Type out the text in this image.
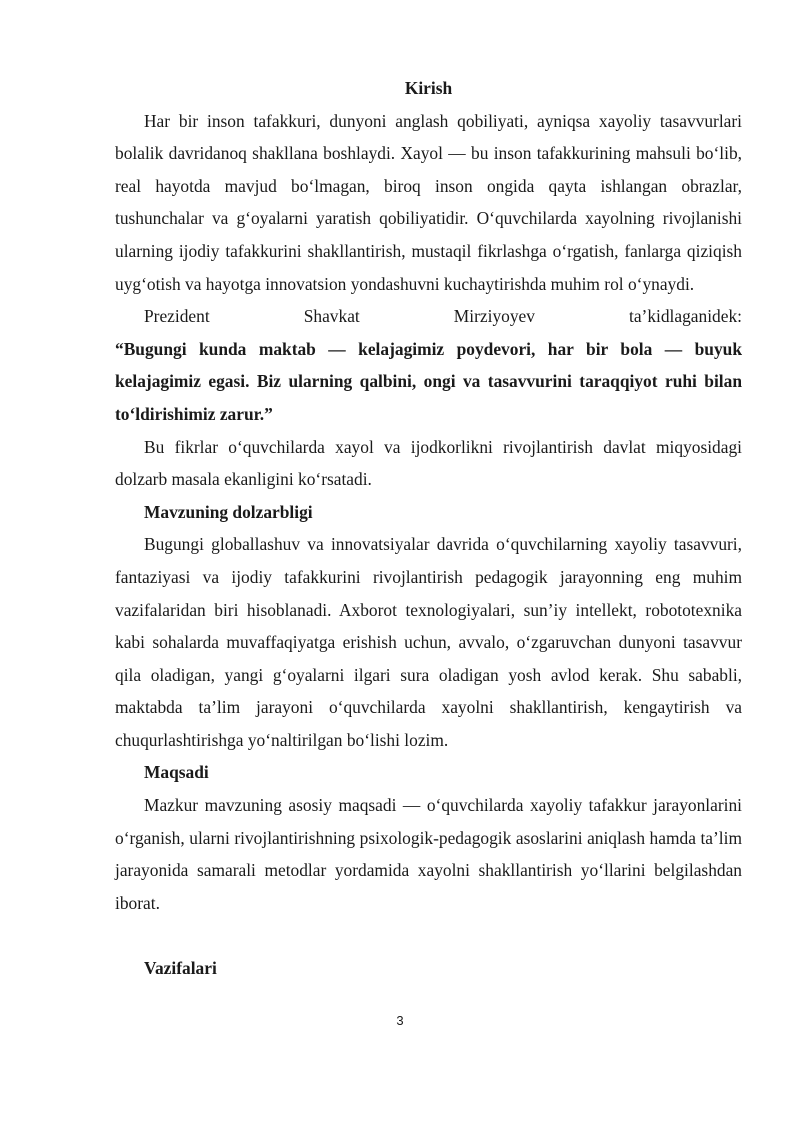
Kirish

Har bir inson tafakkuri, dunyoni anglash qobiliyati, ayniqsa xayoliy tasavvurlari bolalik davridanoq shakllana boshlaydi. Xayol — bu inson tafakkurining mahsuli bo‘lib, real hayotda mavjud bo‘lmagan, biroq inson ongida qayta ishlangan obrazlar, tushunchalar va g‘oyalarni yaratish qobiliyatidir. O‘quvchilarda xayolning rivojlanishi ularning ijodiy tafakkurini shakllantirish, mustaqil fikrlashga o‘rgatish, fanlarga qiziqish uyg‘otish va hayotga innovatsion yondashuvni kuchaytirishda muhim rol o‘ynaydi.

Prezident Shavkat Mirziyoyev ta’kidlaganidek:
“Bugungi kunda maktab — kelajagimiz poydevori, har bir bola — buyuk kelajagimiz egasi. Biz ularning qalbini, ongi va tasavvurini taraqqiyot ruhi bilan to‘ldirishimiz zarur.”

Bu fikrlar o‘quvchilarda xayol va ijodkorlikni rivojlantirish davlat miqyosidagi dolzarb masala ekanligini ko‘rsatadi.

Mavzuning dolzarbligi

Bugungi globallashuv va innovatsiyalar davrida o‘quvchilarning xayoliy tasavvuri, fantaziyasi va ijodiy tafakkurini rivojlantirish pedagogik jarayonning eng muhim vazifalaridan biri hisoblanadi. Axborot texnologiyalari, sun’iy intellekt, robototexnika kabi sohalarda muvaffaqiyatga erishish uchun, avvalo, o‘zgaruvchan dunyoni tasavvur qila oladigan, yangi g‘oyalarni ilgari sura oladigan yosh avlod kerak. Shu sababli, maktabda ta’lim jarayoni o‘quvchilarda xayolni shakllantirish, kengaytirish va chuqurlashtirishga yo‘naltirilgan bo‘lishi lozim.

Maqsadi

Mazkur mavzuning asosiy maqsadi — o‘quvchilarda xayoliy tafakkur jarayonlarini o‘rganish, ularni rivojlantirishning psixologik-pedagogik asoslarini aniqlash hamda ta’lim jarayonida samarali metodlar yordamida xayolni shakllantirish yo‘llarini belgilashdan iborat.

Vazifalari
3
